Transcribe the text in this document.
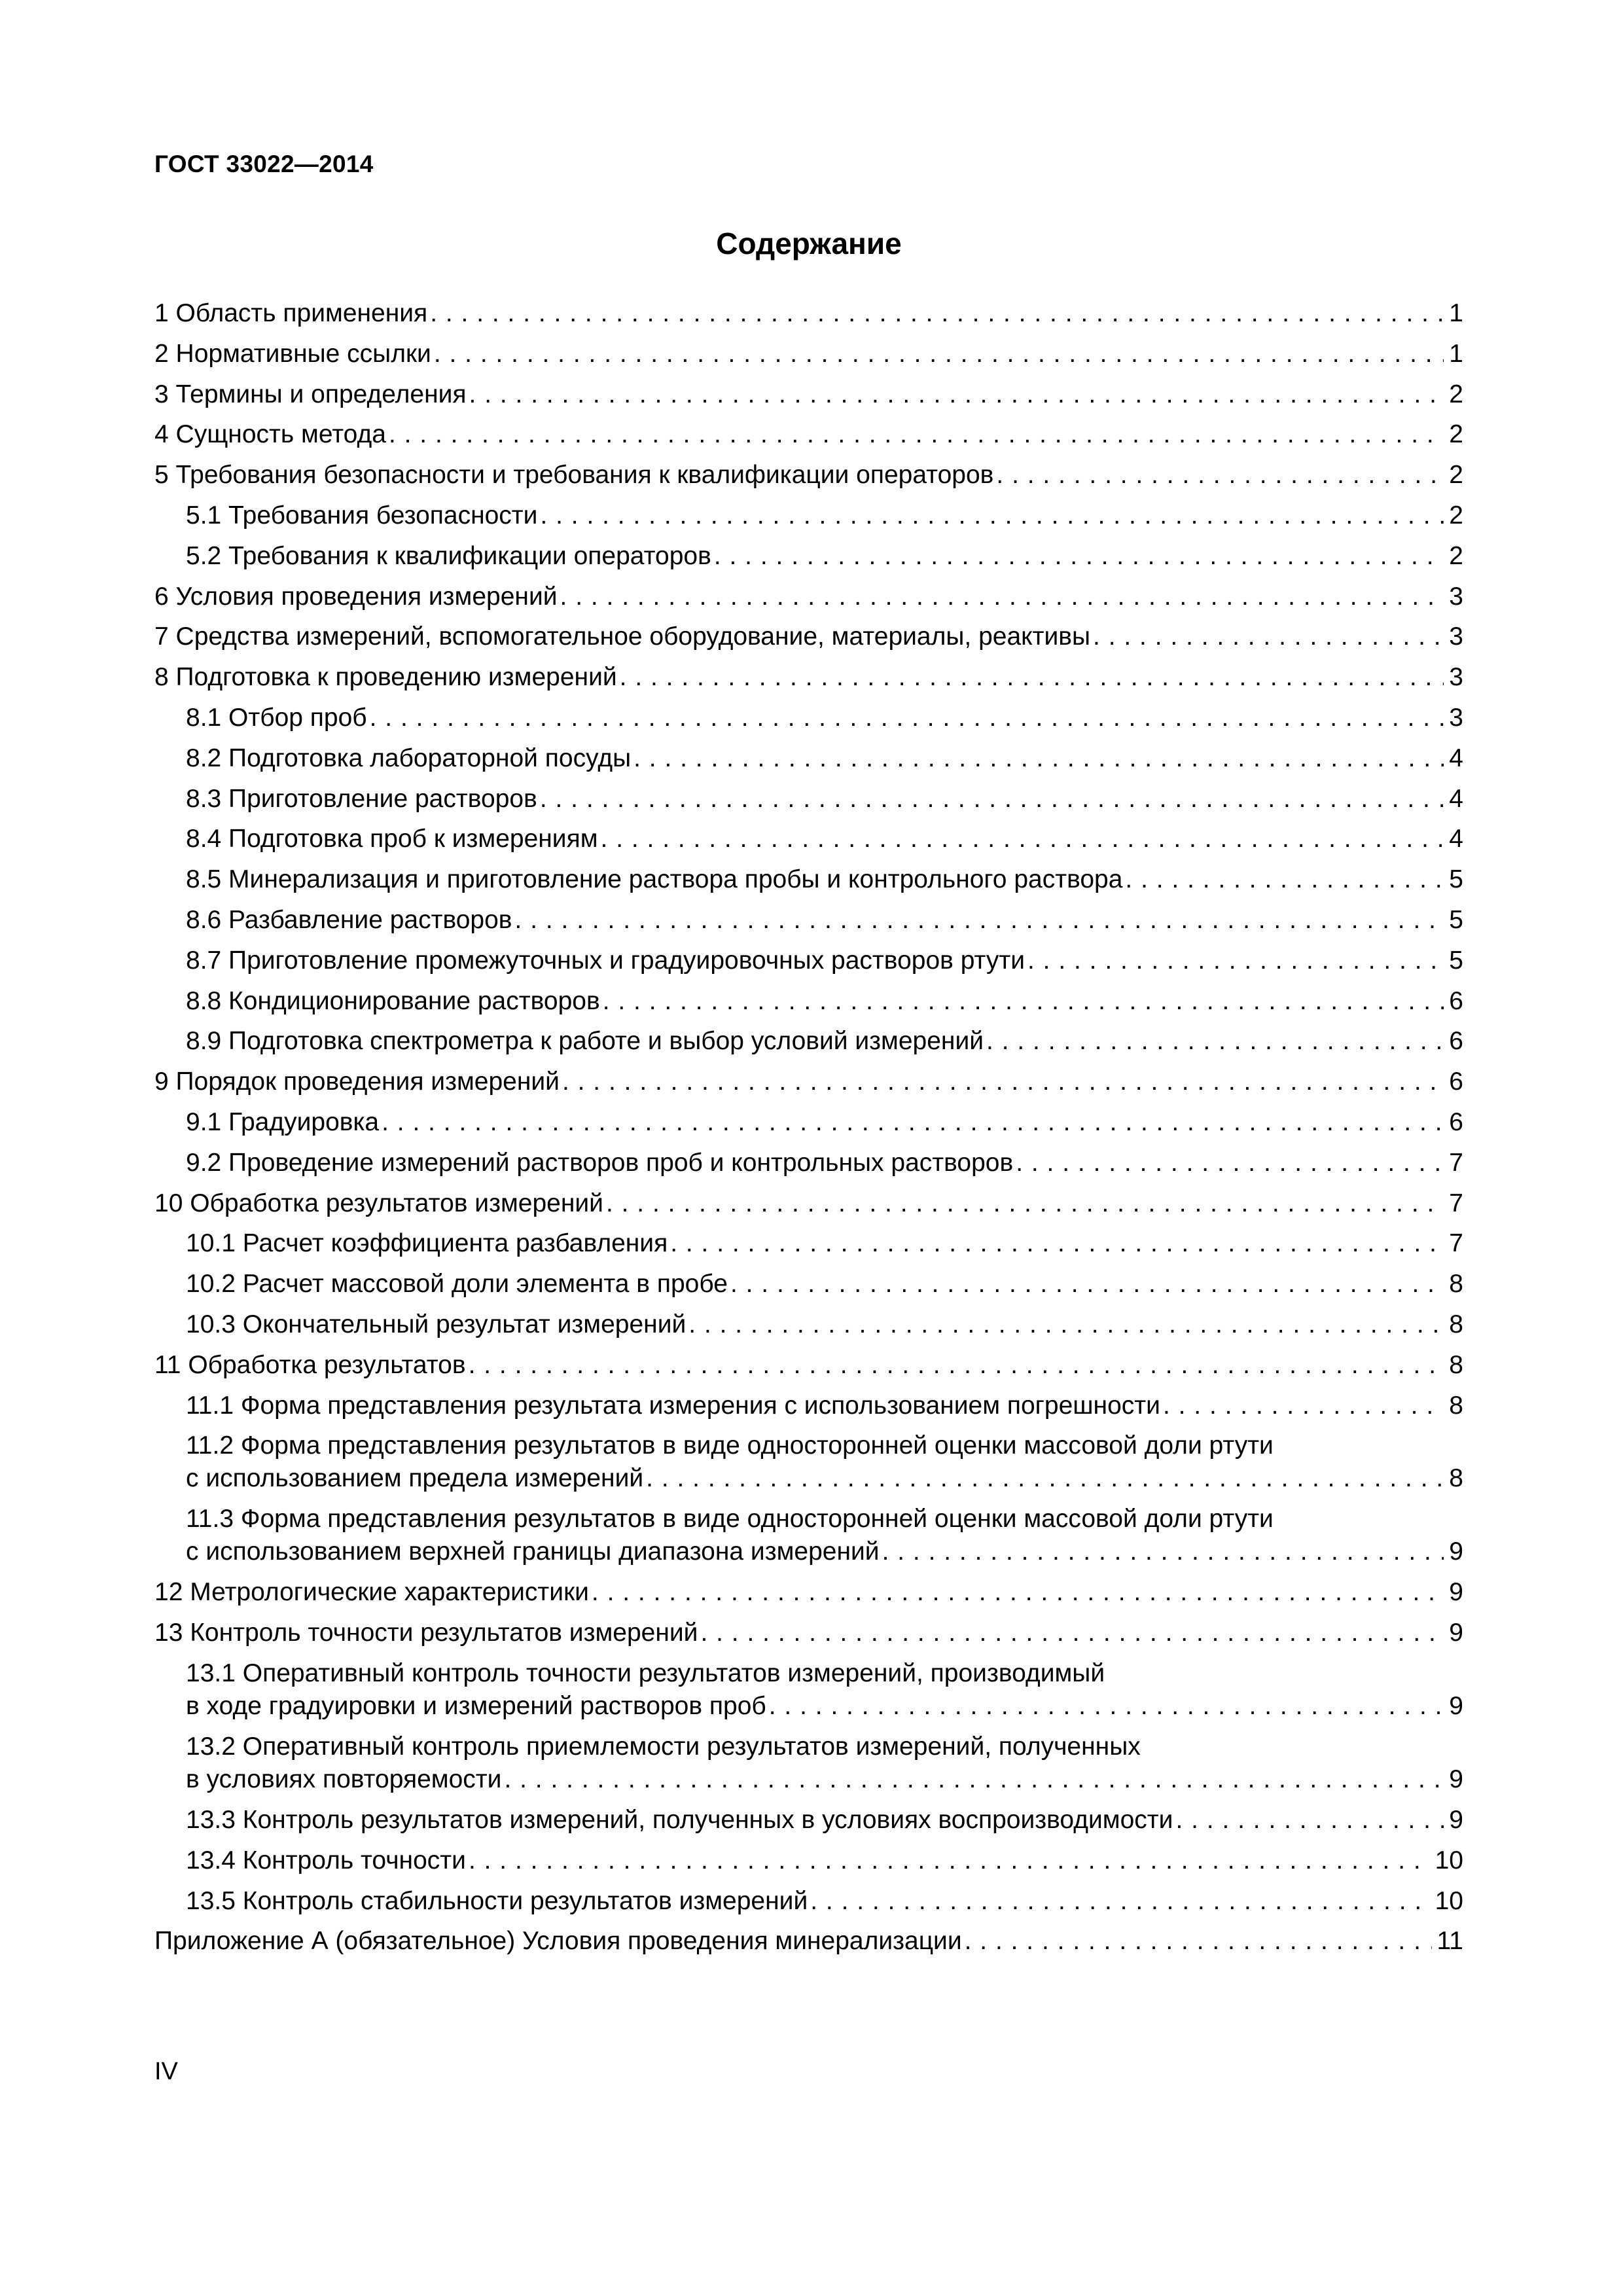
ГОСТ 33022—2014
Содержание
1 Область применения . . .	1
2 Нормативные ссылки . . .	1
3 Термины и определения . . .	2
4 Сущность метода . . .	2
5 Требования безопасности и требования к квалификации операторов . . .	2
5.1 Требования безопасности . . .	2
5.2 Требования к квалификации операторов . . .	2
6 Условия проведения измерений . . .	3
7 Средства измерений, вспомогательное оборудование, материалы, реактивы . . .	3
8 Подготовка к проведению измерений . . .	3
8.1 Отбор проб . . .	3
8.2 Подготовка лабораторной посуды . . .	4
8.3 Приготовление растворов . . .	4
8.4 Подготовка проб к измерениям . . .	4
8.5 Минерализация и приготовление раствора пробы и контрольного раствора . . .	5
8.6 Разбавление растворов . . .	5
8.7 Приготовление промежуточных и градуировочных растворов ртути . . .	5
8.8 Кондиционирование растворов . . .	6
8.9 Подготовка спектрометра к работе и выбор условий измерений . . .	6
9 Порядок проведения измерений . . .	6
9.1 Градуировка . . .	6
9.2 Проведение измерений растворов проб и контрольных растворов . . .	7
10 Обработка результатов измерений . . .	7
10.1 Расчет коэффициента разбавления . . .	7
10.2 Расчет массовой доли элемента в пробе . . .	8
10.3 Окончательный результат измерений . . .	8
11 Обработка результатов . . .	8
11.1 Форма представления результата измерения с использованием погрешности . . .	8
11.2 Форма представления результатов в виде односторонней оценки массовой доли ртути
с использованием предела измерений . . .	8
11.3 Форма представления результатов в виде односторонней оценки массовой доли ртути
с использованием верхней границы диапазона измерений . . .	9
12 Метрологические характеристики . . .	9
13 Контроль точности результатов измерений . . .	9
13.1 Оперативный контроль точности результатов измерений, производимый
в ходе градуировки и измерений растворов проб . . .	9
13.2 Оперативный контроль приемлемости результатов измерений, полученных
в условиях повторяемости . . .	9
13.3 Контроль результатов измерений, полученных в условиях воспроизводимости . . .	9
13.4 Контроль точности . . .	10
13.5 Контроль стабильности результатов измерений . . .	10
Приложение А (обязательное) Условия проведения минерализации . . .	11
IV
